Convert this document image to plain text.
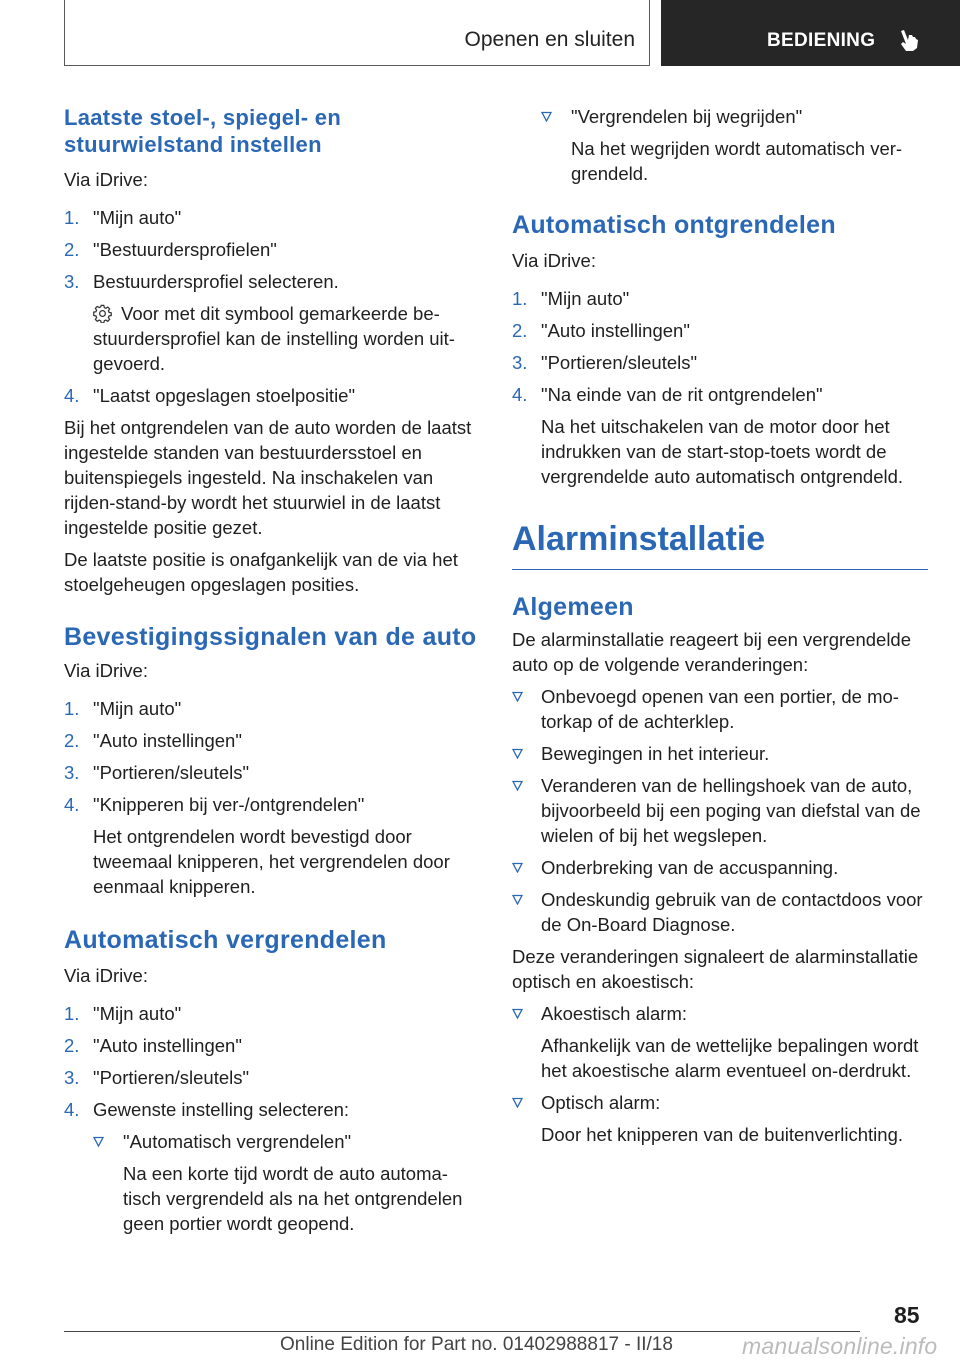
Openen en sluiten	BEDIENING
Laatste stoel-, spiegel- en stuurwielstand instellen
Via iDrive:
1. "Mijn auto"
2. "Bestuurdersprofielen"
3. Bestuurdersprofiel selecteren.
Voor met dit symbool gemarkeerde be-stuurdersprofiel kan de instelling worden uit-gevoerd.
4. "Laatst opgeslagen stoelpositie"
Bij het ontgrendelen van de auto worden de laatst ingestelde standen van bestuurdersstoel en buitenspiegels ingesteld. Na inschakelen van rijden-stand-by wordt het stuurwiel in de laatst ingestelde positie gezet.
De laatste positie is onafgankelijk van de via het stoelgeheugen opgeslagen posities.
Bevestigingssignalen van de auto
Via iDrive:
1. "Mijn auto"
2. "Auto instellingen"
3. "Portieren/sleutels"
4. "Knipperen bij ver-/ontgrendelen"
Het ontgrendelen wordt bevestigd door tweemaal knipperen, het vergrendelen door eenmaal knipperen.
Automatisch vergrendelen
Via iDrive:
1. "Mijn auto"
2. "Auto instellingen"
3. "Portieren/sleutels"
4. Gewenste instelling selecteren:
"Automatisch vergrendelen"
Na een korte tijd wordt de auto automa-tisch vergrendeld als na het ontgrendelen geen portier wordt geopend.
"Vergrendelen bij wegrijden"
Na het wegrijden wordt automatisch ver-grendeld.
Automatisch ontgrendelen
Via iDrive:
1. "Mijn auto"
2. "Auto instellingen"
3. "Portieren/sleutels"
4. "Na einde van de rit ontgrendelen"
Na het uitschakelen van de motor door het indrukken van de start-stop-toets wordt de vergrendelde auto automatisch ontgrendeld.
Alarminstallatie
Algemeen
De alarminstallatie reageert bij een vergrendelde auto op de volgende veranderingen:
Onbevoegd openen van een portier, de mo-torkap of de achterklep.
Bewegingen in het interieur.
Veranderen van de hellingshoek van de auto, bijvoorbeeld bij een poging van diefstal van de wielen of bij het wegslepen.
Onderbreking van de accuspanning.
Ondeskundig gebruik van de contactdoos voor de On-Board Diagnose.
Deze veranderingen signaleert de alarminstallatie optisch en akoestisch:
Akoestisch alarm:
Afhankelijk van de wettelijke bepalingen wordt het akoestische alarm eventueel on-derdrukt.
Optisch alarm:
Door het knipperen van de buitenverlichting.
85
Online Edition for Part no. 01402988817 - II/18	manualsonline.info
